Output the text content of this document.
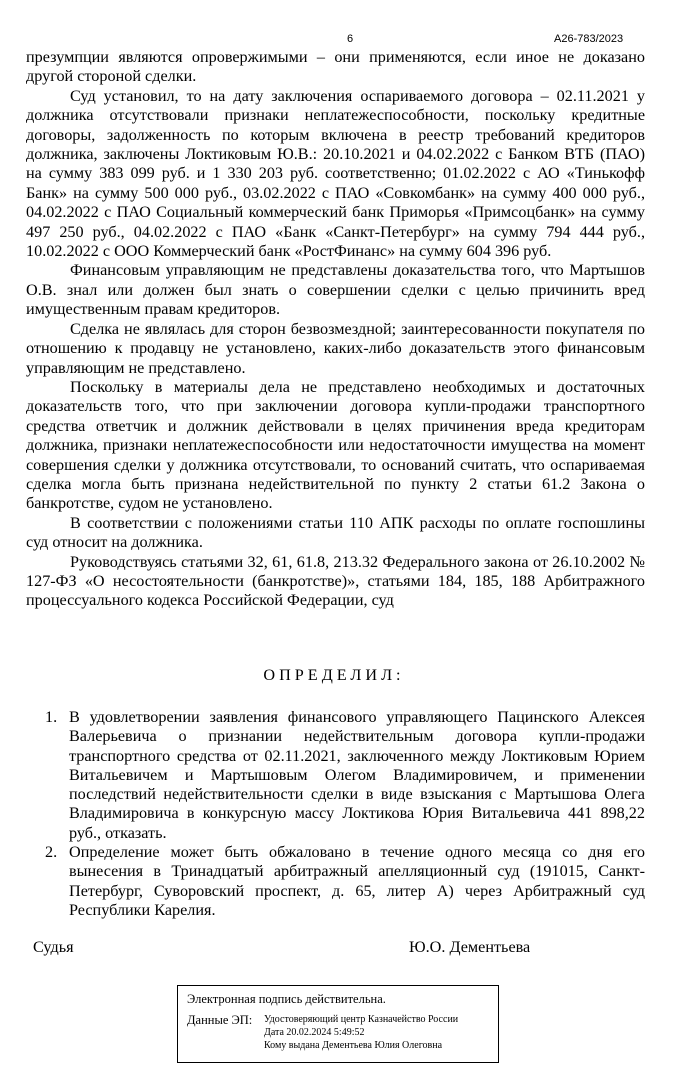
6	А26-783/2023

презумпции являются опровержимыми – они применяются, если иное не доказано другой стороной сделки.

Суд установил, то на дату заключения оспариваемого договора – 02.11.2021 у должника отсутствовали признаки неплатежеспособности, поскольку кредитные договоры, задолженность по которым включена в реестр требований кредиторов должника, заключены Локтиковым Ю.В.: 20.10.2021 и 04.02.2022 с Банком ВТБ (ПАО) на сумму 383 099 руб. и 1 330 203 руб. соответственно; 01.02.2022 с АО «Тинькофф Банк» на сумму 500 000 руб., 03.02.2022 с ПАО «Совкомбанк» на сумму 400 000 руб., 04.02.2022 с ПАО Социальный коммерческий банк Приморья «Примсоцбанк» на сумму 497 250 руб., 04.02.2022 с ПАО «Банк «Санкт-Петербург» на сумму 794 444 руб., 10.02.2022 с ООО Коммерческий банк «РостФинанс» на сумму 604 396 руб.

Финансовым управляющим не представлены доказательства того, что Мартышов О.В. знал или должен был знать о совершении сделки с целью причинить вред имущественным правам кредиторов.

Сделка не являлась для сторон безвозмездной; заинтересованности покупателя по отношению к продавцу не установлено, каких-либо доказательств этого финансовым управляющим не представлено.

Поскольку в материалы дела не представлено необходимых и достаточных доказательств того, что при заключении договора купли-продажи транспортного средства ответчик и должник действовали в целях причинения вреда кредиторам должника, признаки неплатежеспособности или недостаточности имущества на момент совершения сделки у должника отсутствовали, то оснований считать, что оспариваемая сделка могла быть признана недействительной по пункту 2 статьи 61.2 Закона о банкротстве, судом не установлено.

В соответствии с положениями статьи 110 АПК расходы по оплате госпошлины суд относит на должника.

Руководствуясь статьями 32, 61, 61.8, 213.32 Федерального закона от 26.10.2002 № 127-ФЗ «О несостоятельности (банкротстве)», статьями 184, 185, 188 Арбитражного процессуального кодекса Российской Федерации, суд

ОПРЕДЕЛИЛ:
1. В удовлетворении заявления финансового управляющего Пацинского Алексея Валерьевича о признании недействительным договора купли-продажи транспортного средства от 02.11.2021, заключенного между Локтиковым Юрием Витальевичем и Мартышовым Олегом Владимировичем, и применении последствий недействительности сделки в виде взыскания с Мартышова Олега Владимировича в конкурсную массу Локтикова Юрия Витальевича 441 898,22 руб., отказать.
2. Определение может быть обжаловано в течение одного месяца со дня его вынесения в Тринадцатый арбитражный апелляционный суд (191015, Санкт-Петербург, Суворовский проспект, д. 65, литер А) через Арбитражный суд Республики Карелия.
Судья	Ю.О. Дементьева
Электронная подпись действительна.
Данные ЭП: Удостоверяющий центр Казначейство России
Дата 20.02.2024 5:49:52
Кому выдана Дементьева Юлия Олеговна
